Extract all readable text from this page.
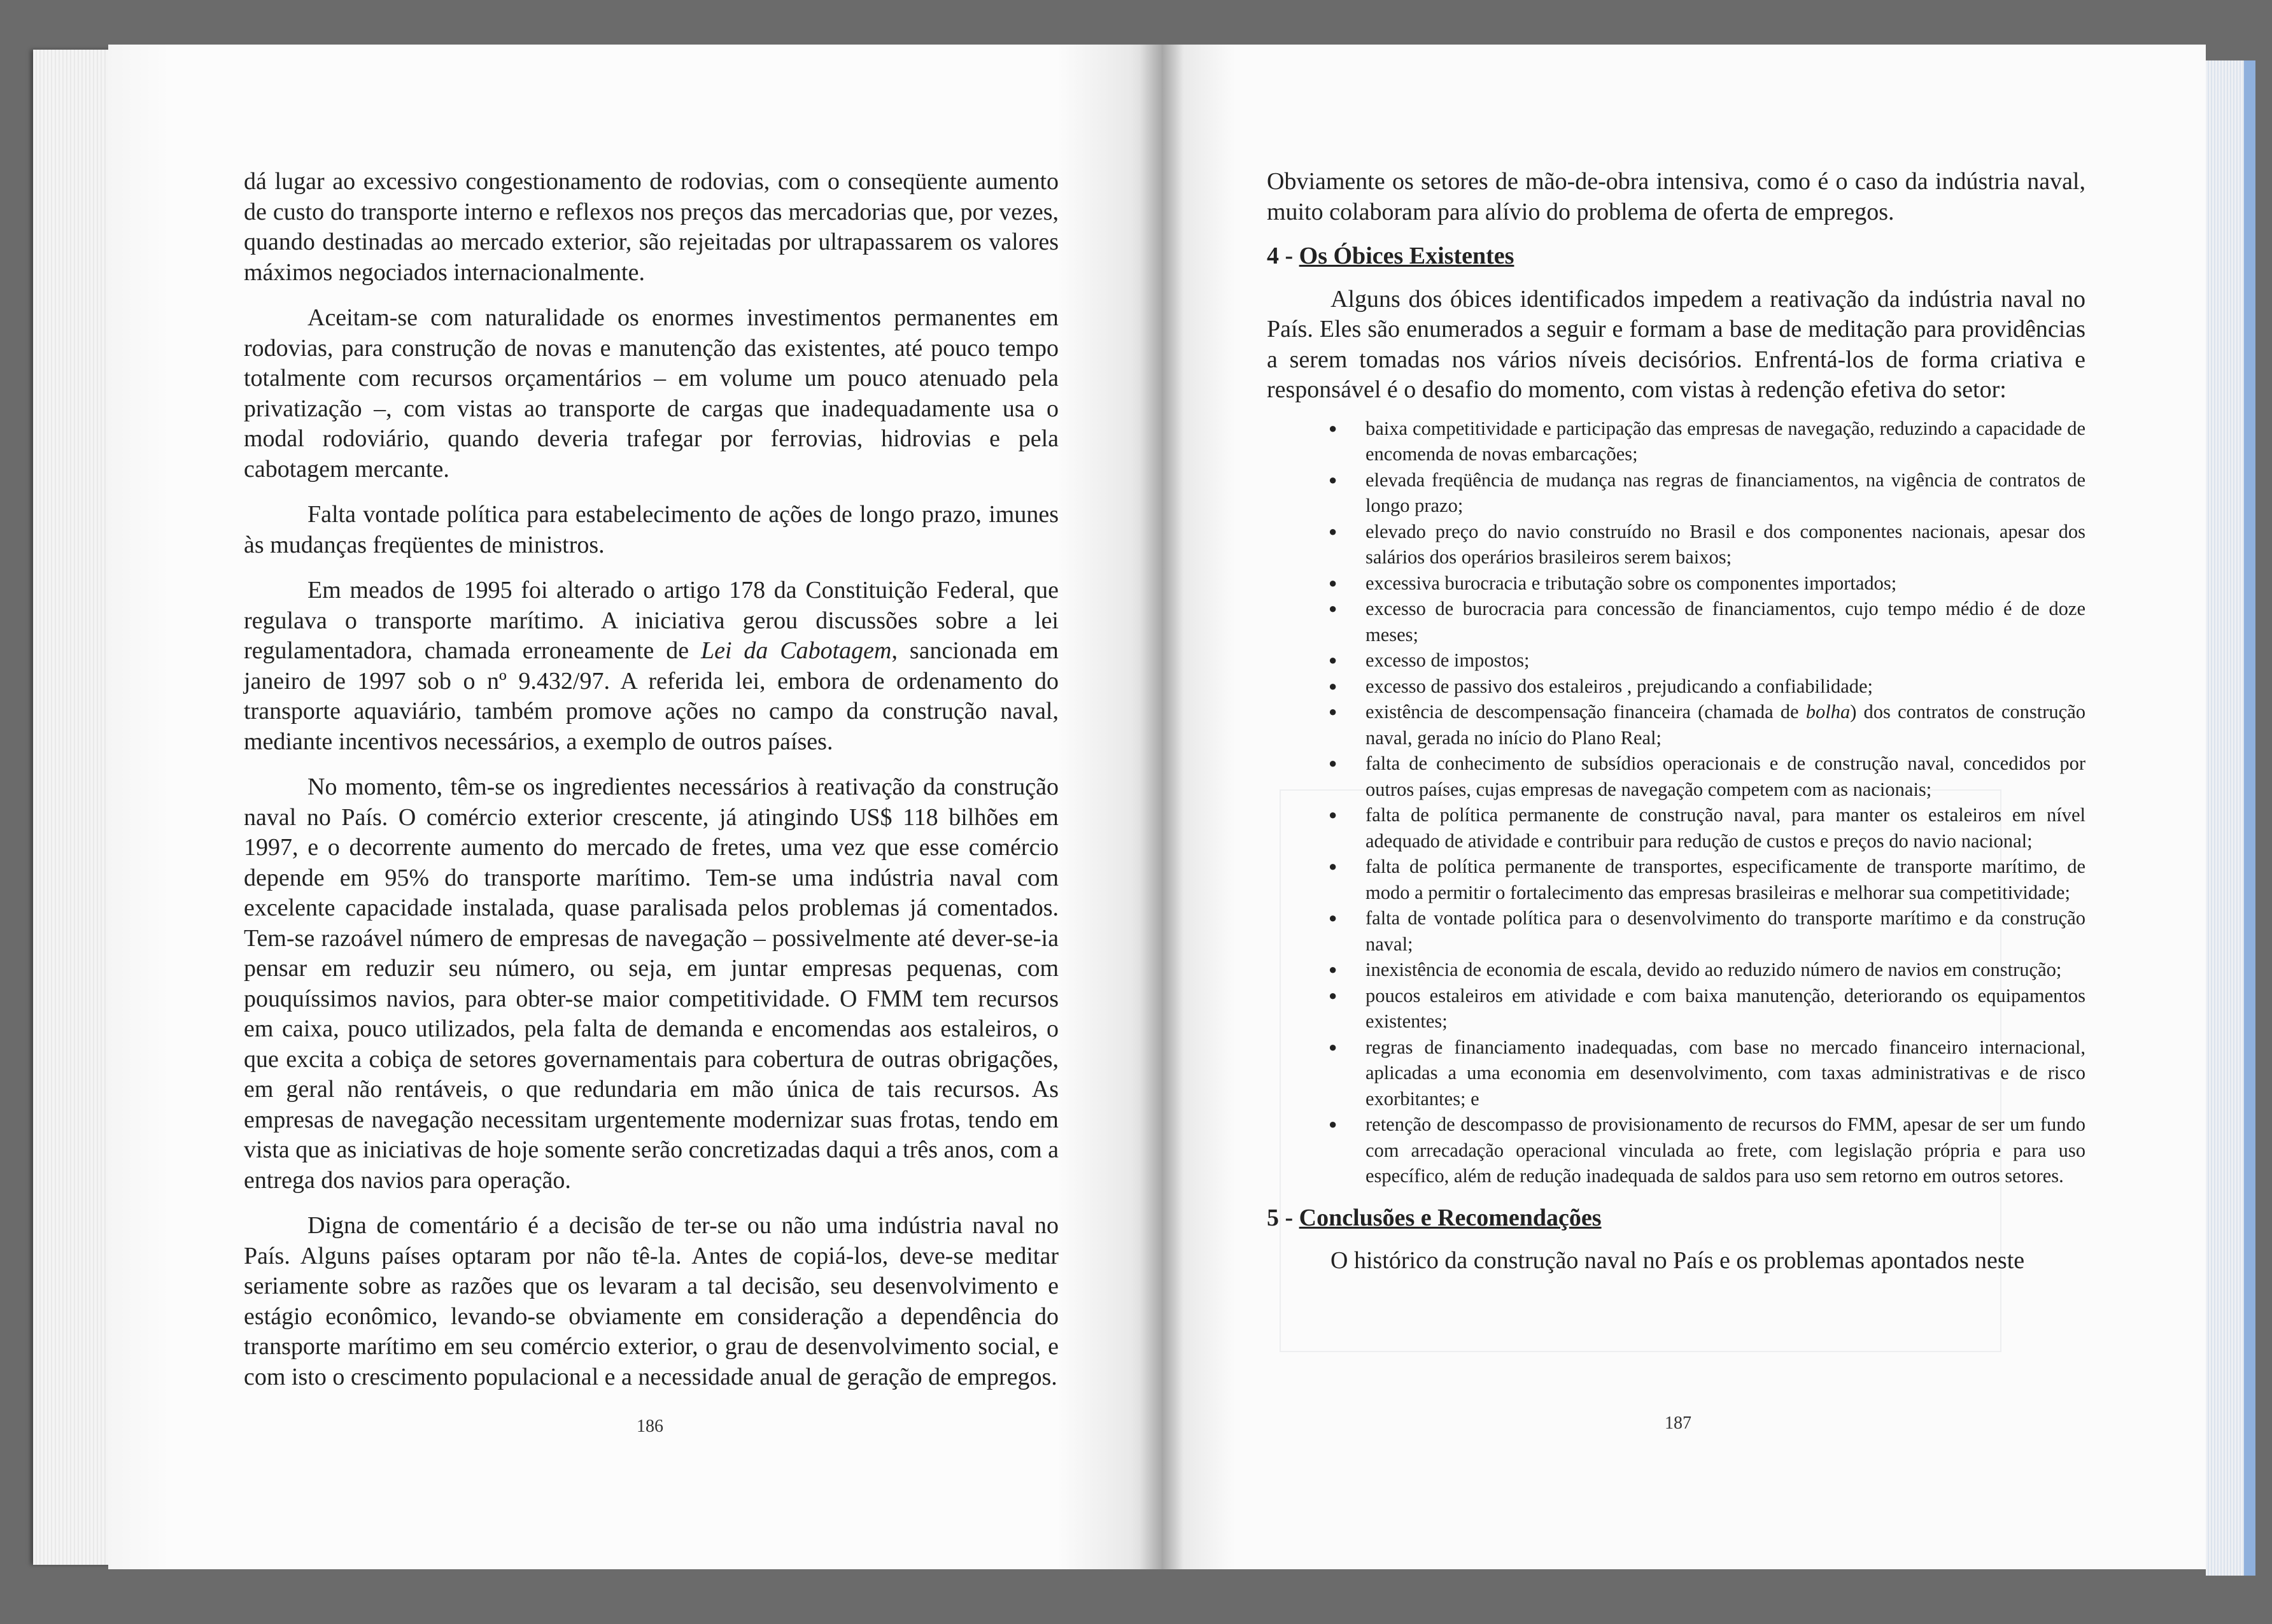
dá lugar ao excessivo congestionamento de rodovias, com o conseqüente aumento de custo do transporte interno e reflexos nos preços das mercadorias que, por vezes, quando destinadas ao mercado exterior, são rejeitadas por ultrapassarem os valores máximos negociados internacionalmente.

Aceitam-se com naturalidade os enormes investimentos permanentes em rodovias, para construção de novas e manutenção das existentes, até pouco tempo totalmente com recursos orçamentários – em volume um pouco atenuado pela privatização –, com vistas ao transporte de cargas que inadequadamente usa o modal rodoviário, quando deveria trafegar por ferrovias, hidrovias e pela cabotagem mercante.

Falta vontade política para estabelecimento de ações de longo prazo, imunes às mudanças freqüentes de ministros.

Em meados de 1995 foi alterado o artigo 178 da Constituição Federal, que regulava o transporte marítimo. A iniciativa gerou discussões sobre a lei regulamentadora, chamada erroneamente de Lei da Cabotagem, sancionada em janeiro de 1997 sob o nº 9.432/97. A referida lei, embora de ordenamento do transporte aquaviário, também promove ações no campo da construção naval, mediante incentivos necessários, a exemplo de outros países.

No momento, têm-se os ingredientes necessários à reativação da construção naval no País. O comércio exterior crescente, já atingindo US$ 118 bilhões em 1997, e o decorrente aumento do mercado de fretes, uma vez que esse comércio depende em 95% do transporte marítimo. Tem-se uma indústria naval com excelente capacidade instalada, quase paralisada pelos problemas já comentados. Tem-se razoável número de empresas de navegação – possivelmente até dever-se-ia pensar em reduzir seu número, ou seja, em juntar empresas pequenas, com pouquíssimos navios, para obter-se maior competitividade. O FMM tem recursos em caixa, pouco utilizados, pela falta de demanda e encomendas aos estaleiros, o que excita a cobiça de setores governamentais para cobertura de outras obrigações, em geral não rentáveis, o que redundaria em mão única de tais recursos. As empresas de navegação necessitam urgentemente modernizar suas frotas, tendo em vista que as iniciativas de hoje somente serão concretizadas daqui a três anos, com a entrega dos navios para operação.

Digna de comentário é a decisão de ter-se ou não uma indústria naval no País. Alguns países optaram por não tê-la. Antes de copiá-los, deve-se meditar seriamente sobre as razões que os levaram a tal decisão, seu desenvolvimento e estágio econômico, levando-se obviamente em consideração a dependência do transporte marítimo em seu comércio exterior, o grau de desenvolvimento social, e com isto o crescimento populacional e a necessidade anual de geração de empregos.

186

Obviamente os setores de mão-de-obra intensiva, como é o caso da indústria naval, muito colaboram para alívio do problema de oferta de empregos.

4 - Os Óbices Existentes

Alguns dos óbices identificados impedem a reativação da indústria naval no País. Eles são enumerados a seguir e formam a base de meditação para providências a serem tomadas nos vários níveis decisórios. Enfrentá-los de forma criativa e responsável é o desafio do momento, com vistas à redenção efetiva do setor:

● baixa competitividade e participação das empresas de navegação, reduzindo a capacidade de encomenda de novas embarcações;
● elevada freqüência de mudança nas regras de financiamentos, na vigência de contratos de longo prazo;
● elevado preço do navio construído no Brasil e dos componentes nacionais, apesar dos salários dos operários brasileiros serem baixos;
● excessiva burocracia e tributação sobre os componentes importados;
● excesso de burocracia para concessão de financiamentos, cujo tempo médio é de doze meses;
● excesso de impostos;
● excesso de passivo dos estaleiros , prejudicando a confiabilidade;
● existência de descompensação financeira (chamada de bolha) dos contratos de construção naval, gerada no início do Plano Real;
● falta de conhecimento de subsídios operacionais e de construção naval, concedidos por outros países, cujas empresas de navegação competem com as nacionais;
● falta de política permanente de construção naval, para manter os estaleiros em nível adequado de atividade e contribuir para redução de custos e preços do navio nacional;
● falta de política permanente de transportes, especificamente de transporte marítimo, de modo a permitir o fortalecimento das empresas brasileiras e melhorar sua competitividade;
● falta de vontade política para o desenvolvimento do transporte marítimo e da construção naval;
● inexistência de economia de escala, devido ao reduzido número de navios em construção;
● poucos estaleiros em atividade e com baixa manutenção, deteriorando os equipamentos existentes;
● regras de financiamento inadequadas, com base no mercado financeiro internacional, aplicadas a uma economia em desenvolvimento, com taxas administrativas e de risco exorbitantes; e
● retenção de descompasso de provisionamento de recursos do FMM, apesar de ser um fundo com arrecadação operacional vinculada ao frete, com legislação própria e para uso específico, além de redução inadequada de saldos para uso sem retorno em outros setores.
5 - Conclusões e Recomendações

O histórico da construção naval no País e os problemas apontados neste

187
